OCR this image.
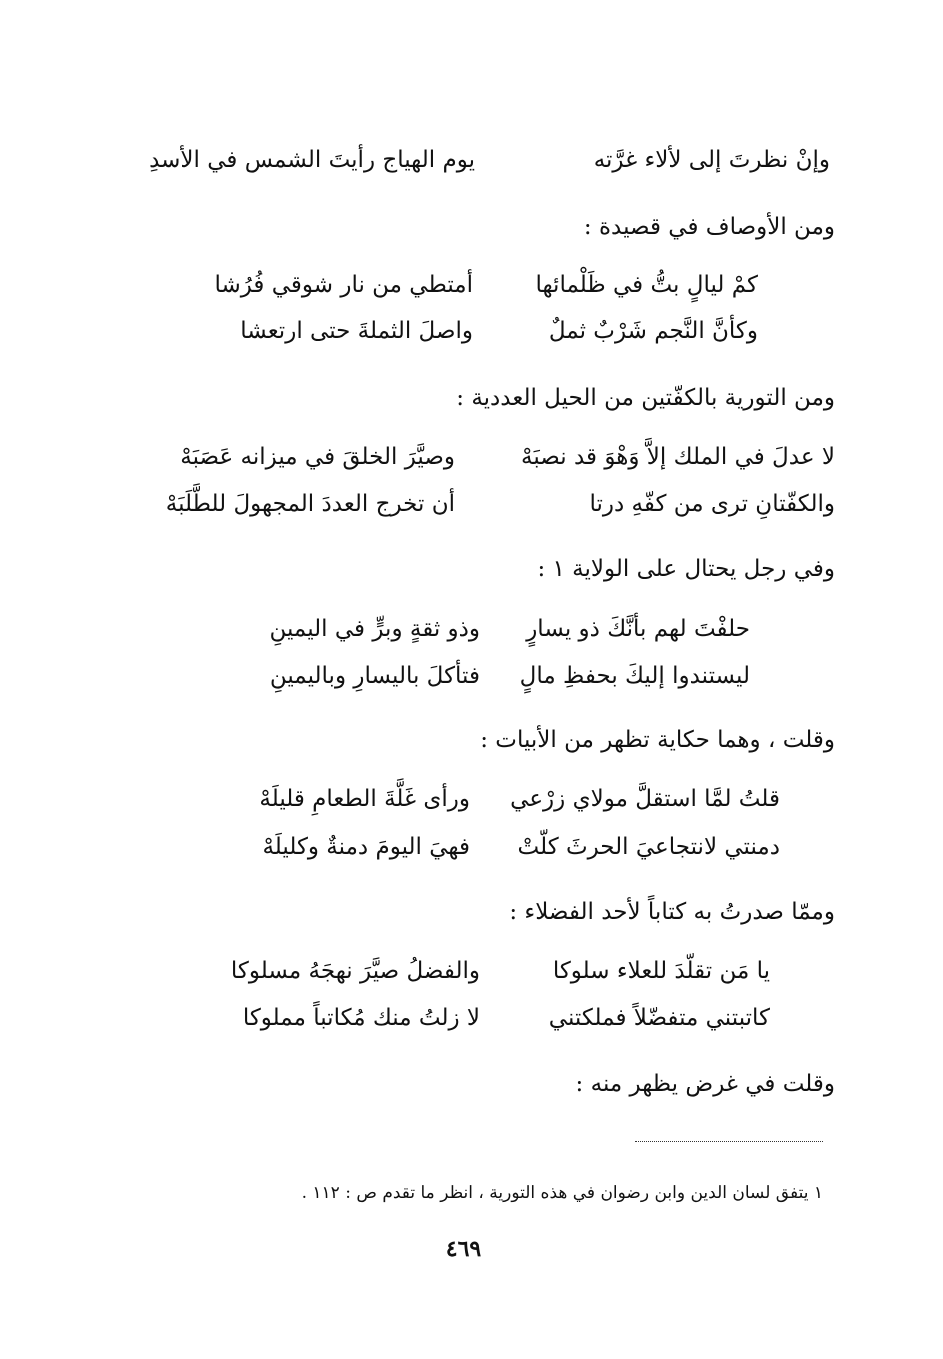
وإنْ نظرتَ إلى لألاء غرَّته
يوم الهياج رأيتَ الشمس في الأسدِ
ومن الأوصاف في قصيدة :
كمْ ليالٍ بتُّ في ظَلْمائها
أمتطي من نار شوقي فُرُشا
وكأنَّ النَّجم شَرْبٌ ثملٌ
واصلَ الثملةَ حتى ارتعشا
ومن التورية بالكفّتين من الحيل العددية :
لا عدلَ في الملك إلاَّ وَهْوَ قد نصبَهْ
وصيَّرَ الخلقَ في ميزانه عَصَبَهْ
والكفّتانِ ترى من كفّهِ درتا
أن تخرج العددَ المجهولَ للطَّلَبَهْ
وفي رجل يحتال على الولاية ١ :
حلفْتَ لهم بأنَّكَ ذو يسارٍ
وذو ثقةٍ وبرٍّ في اليمينِ
ليستندوا إليكَ بحفظِ مالٍ
فتأكلَ باليسارِ وباليمينِ
وقلت ، وهما حكاية تظهر من الأبيات :
قلتُ لمَّا استقلَّ مولاي زرْعي
ورأى غَلَّةَ الطعامِ قليلَهْ
دمنتي لانتجاعيَ الحرثَ كلّتْ
فهيَ اليومَ دمنةٌ وكليلَهْ
وممّا صدرتُ به كتاباً لأحد الفضلاء :
يا مَن تقلّدَ للعلاء سلوكا
والفضلُ صيَّرَ نهجَهُ مسلوكا
كاتبتني متفضّلاً فملكتني
لا زلتُ منك مُكاتباً مملوكا
وقلت في غرض يظهر منه :
١ يتفق لسان الدين وابن رضوان في هذه التورية ، انظر ما تقدم ص : ١١٢ .
٤٦٩
